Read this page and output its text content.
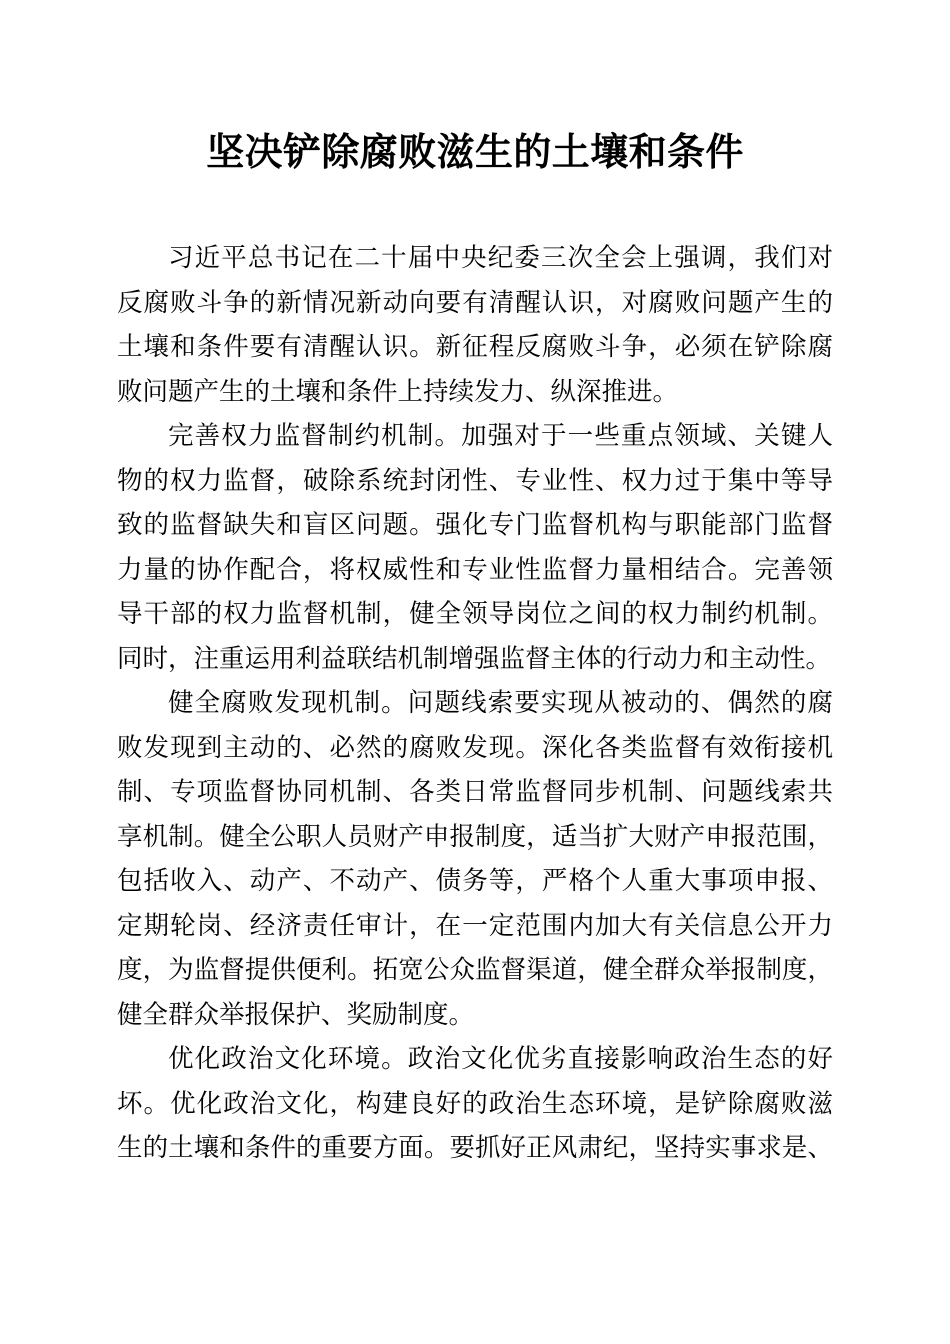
坚决铲除腐败滋生的土壤和条件
习近平总书记在二十届中央纪委三次全会上强调，我们对
反腐败斗争的新情况新动向要有清醒认识，对腐败问题产生的
土壤和条件要有清醒认识。新征程反腐败斗争，必须在铲除腐
败问题产生的土壤和条件上持续发力、纵深推进。
完善权力监督制约机制。加强对于一些重点领域、关键人
物的权力监督，破除系统封闭性、专业性、权力过于集中等导
致的监督缺失和盲区问题。强化专门监督机构与职能部门监督
力量的协作配合，将权威性和专业性监督力量相结合。完善领
导干部的权力监督机制，健全领导岗位之间的权力制约机制。
同时，注重运用利益联结机制增强监督主体的行动力和主动性。
健全腐败发现机制。问题线索要实现从被动的、偶然的腐
败发现到主动的、必然的腐败发现。深化各类监督有效衔接机
制、专项监督协同机制、各类日常监督同步机制、问题线索共
享机制。健全公职人员财产申报制度，适当扩大财产申报范围，
包括收入、动产、不动产、债务等，严格个人重大事项申报、
定期轮岗、经济责任审计，在一定范围内加大有关信息公开力
度，为监督提供便利。拓宽公众监督渠道，健全群众举报制度，
健全群众举报保护、奖励制度。
优化政治文化环境。政治文化优劣直接影响政治生态的好
坏。优化政治文化，构建良好的政治生态环境，是铲除腐败滋
生的土壤和条件的重要方面。要抓好正风肃纪，坚持实事求是、
